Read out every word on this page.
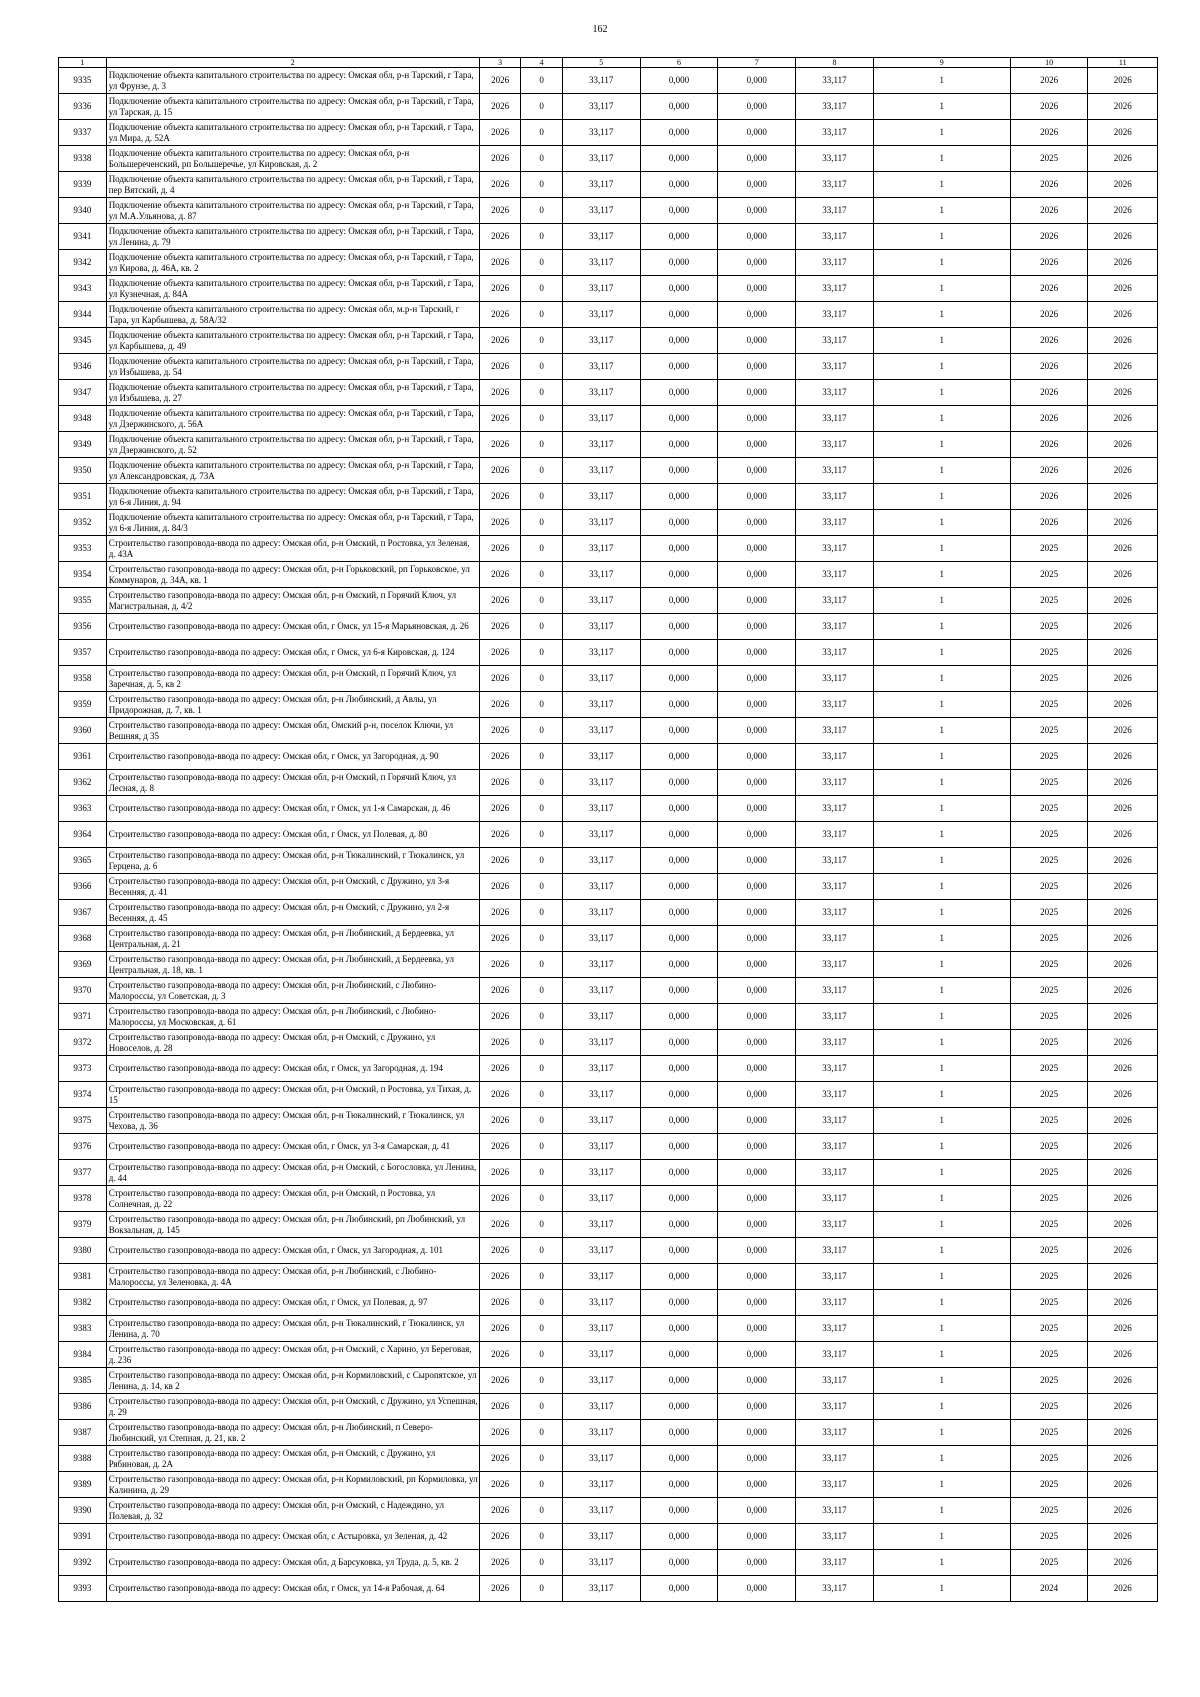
162
1	2	3	4	5	6	7	8	9	10	11
9335	Подключение объекта капитального строительства по адресу: Омская обл, р-н Тарский, г Тара, ул Фрунзе, д. 3	2026	0	33,117	0,000	0,000	33,117	1	2026	2026
9336	Подключение объекта капитального строительства по адресу: Омская обл, р-н Тарский, г Тара, ул Тарская, д. 15	2026	0	33,117	0,000	0,000	33,117	1	2026	2026
9337	Подключение объекта капитального строительства по адресу: Омская обл, р-н Тарский, г Тара, ул Мира, д. 52А	2026	0	33,117	0,000	0,000	33,117	1	2026	2026
9338	Подключение объекта капитального строительства по адресу: Омская обл, р-н Большереченский, рп Большеречье, ул Кировская, д. 2	2026	0	33,117	0,000	0,000	33,117	1	2025	2026
9339	Подключение объекта капитального строительства по адресу: Омская обл, р-н Тарский, г Тара, пер Вятский, д. 4	2026	0	33,117	0,000	0,000	33,117	1	2026	2026
9340	Подключение объекта капитального строительства по адресу: Омская обл, р-н Тарский, г Тара, ул М.А.Ульянова, д. 87	2026	0	33,117	0,000	0,000	33,117	1	2026	2026
9341	Подключение объекта капитального строительства по адресу: Омская обл, р-н Тарский, г Тара, ул Ленина, д. 79	2026	0	33,117	0,000	0,000	33,117	1	2026	2026
9342	Подключение объекта капитального строительства по адресу: Омская обл, р-н Тарский, г Тара, ул Кирова, д. 46А, кв. 2	2026	0	33,117	0,000	0,000	33,117	1	2026	2026
9343	Подключение объекта капитального строительства по адресу: Омская обл, р-н Тарский, г Тара, ул Кузнечная, д. 84А	2026	0	33,117	0,000	0,000	33,117	1	2026	2026
9344	Подключение объекта капитального строительства по адресу: Омская обл, м.р-н Тарский, г Тара, ул Карбышева, д. 58А/32	2026	0	33,117	0,000	0,000	33,117	1	2026	2026
9345	Подключение объекта капитального строительства по адресу: Омская обл, р-н Тарский, г Тара, ул Карбышева, д. 49	2026	0	33,117	0,000	0,000	33,117	1	2026	2026
9346	Подключение объекта капитального строительства по адресу: Омская обл, р-н Тарский, г Тара, ул Избышева, д. 54	2026	0	33,117	0,000	0,000	33,117	1	2026	2026
9347	Подключение объекта капитального строительства по адресу: Омская обл, р-н Тарский, г Тара, ул Избышева, д. 27	2026	0	33,117	0,000	0,000	33,117	1	2026	2026
9348	Подключение объекта капитального строительства по адресу: Омская обл, р-н Тарский, г Тара, ул Дзержинского, д. 56А	2026	0	33,117	0,000	0,000	33,117	1	2026	2026
9349	Подключение объекта капитального строительства по адресу: Омская обл, р-н Тарский, г Тара, ул Дзержинского, д. 52	2026	0	33,117	0,000	0,000	33,117	1	2026	2026
9350	Подключение объекта капитального строительства по адресу: Омская обл, р-н Тарский, г Тара, ул Александровская, д. 73А	2026	0	33,117	0,000	0,000	33,117	1	2026	2026
9351	Подключение объекта капитального строительства по адресу: Омская обл, р-н Тарский, г Тара, ул 6-я Линия, д. 94	2026	0	33,117	0,000	0,000	33,117	1	2026	2026
9352	Подключение объекта капитального строительства по адресу: Омская обл, р-н Тарский, г Тара, ул 6-я Линия, д. 84/3	2026	0	33,117	0,000	0,000	33,117	1	2026	2026
9353	Строительство газопровода-ввода по адресу: Омская обл, р-н Омский, п Ростовка, ул Зеленая, д. 43А	2026	0	33,117	0,000	0,000	33,117	1	2025	2026
9354	Строительство газопровода-ввода по адресу: Омская обл, р-н Горьковский, рп Горьковское, ул Коммунаров, д. 34А, кв. 1	2026	0	33,117	0,000	0,000	33,117	1	2025	2026
9355	Строительство газопровода-ввода по адресу: Омская обл, р-н Омский, п Горячий Ключ, ул Магистральная, д. 4/2	2026	0	33,117	0,000	0,000	33,117	1	2025	2026
9356	Строительство газопровода-ввода по адресу: Омская обл, г Омск, ул 15-я Марьяновская, д. 26	2026	0	33,117	0,000	0,000	33,117	1	2025	2026
9357	Строительство газопровода-ввода по адресу: Омская обл, г Омск, ул 6-я Кировская, д. 124	2026	0	33,117	0,000	0,000	33,117	1	2025	2026
9358	Строительство газопровода-ввода по адресу: Омская обл, р-н Омский, п Горячий Ключ, ул Заречная, д. 5, кв 2	2026	0	33,117	0,000	0,000	33,117	1	2025	2026
9359	Строительство газопровода-ввода по адресу: Омская обл, р-н Любинский, д Авлы, ул Придорожная, д. 7, кв. 1	2026	0	33,117	0,000	0,000	33,117	1	2025	2026
9360	Строительство газопровода-ввода по адресу: Омская обл, Омский р-н, поселок Ключи, ул Вешняя, д 35	2026	0	33,117	0,000	0,000	33,117	1	2025	2026
9361	Строительство газопровода-ввода по адресу: Омская обл, г Омск, ул Загородная, д. 90	2026	0	33,117	0,000	0,000	33,117	1	2025	2026
9362	Строительство газопровода-ввода по адресу: Омская обл, р-н Омский, п Горячий Ключ, ул Лесная, д. 8	2026	0	33,117	0,000	0,000	33,117	1	2025	2026
9363	Строительство газопровода-ввода по адресу: Омская обл, г Омск, ул 1-я Самарская, д. 46	2026	0	33,117	0,000	0,000	33,117	1	2025	2026
9364	Строительство газопровода-ввода по адресу: Омская обл, г Омск, ул Полевая, д. 80	2026	0	33,117	0,000	0,000	33,117	1	2025	2026
9365	Строительство газопровода-ввода по адресу: Омская обл, р-н Тюкалинский, г Тюкалинск, ул Герцена, д. 6	2026	0	33,117	0,000	0,000	33,117	1	2025	2026
9366	Строительство газопровода-ввода по адресу: Омская обл, р-н Омский, с Дружино, ул 3-я Весенняя, д. 41	2026	0	33,117	0,000	0,000	33,117	1	2025	2026
9367	Строительство газопровода-ввода по адресу: Омская обл, р-н Омский, с Дружино, ул 2-я Весенняя, д. 45	2026	0	33,117	0,000	0,000	33,117	1	2025	2026
9368	Строительство газопровода-ввода по адресу: Омская обл, р-н Любинский, д Бердеевка, ул Центральная, д. 21	2026	0	33,117	0,000	0,000	33,117	1	2025	2026
9369	Строительство газопровода-ввода по адресу: Омская обл, р-н Любинский, д Бердеевка, ул Центральная, д. 18, кв. 1	2026	0	33,117	0,000	0,000	33,117	1	2025	2026
9370	Строительство газопровода-ввода по адресу: Омская обл, р-н Любинский, с Любино-Малороссы, ул Советская, д. 3	2026	0	33,117	0,000	0,000	33,117	1	2025	2026
9371	Строительство газопровода-ввода по адресу: Омская обл, р-н Любинский, с Любино-Малороссы, ул Московская, д. 61	2026	0	33,117	0,000	0,000	33,117	1	2025	2026
9372	Строительство газопровода-ввода по адресу: Омская обл, р-н Омский, с Дружино, ул Новоселов, д. 28	2026	0	33,117	0,000	0,000	33,117	1	2025	2026
9373	Строительство газопровода-ввода по адресу: Омская обл, г Омск, ул Загородная, д. 194	2026	0	33,117	0,000	0,000	33,117	1	2025	2026
9374	Строительство газопровода-ввода по адресу: Омская обл, р-н Омский, п Ростовка, ул Тихая, д. 15	2026	0	33,117	0,000	0,000	33,117	1	2025	2026
9375	Строительство газопровода-ввода по адресу: Омская обл, р-н Тюкалинский, г Тюкалинск, ул Чехова, д. 36	2026	0	33,117	0,000	0,000	33,117	1	2025	2026
9376	Строительство газопровода-ввода по адресу: Омская обл, г Омск, ул 3-я Самарская, д. 41	2026	0	33,117	0,000	0,000	33,117	1	2025	2026
9377	Строительство газопровода-ввода по адресу: Омская обл, р-н Омский, с Богословка, ул Ленина, д. 44	2026	0	33,117	0,000	0,000	33,117	1	2025	2026
9378	Строительство газопровода-ввода по адресу: Омская обл, р-н Омский, п Ростовка, ул Солнечная, д. 22	2026	0	33,117	0,000	0,000	33,117	1	2025	2026
9379	Строительство газопровода-ввода по адресу: Омская обл, р-н Любинский, рп Любинский, ул Вокзальная, д. 145	2026	0	33,117	0,000	0,000	33,117	1	2025	2026
9380	Строительство газопровода-ввода по адресу: Омская обл, г Омск, ул Загородная, д. 101	2026	0	33,117	0,000	0,000	33,117	1	2025	2026
9381	Строительство газопровода-ввода по адресу: Омская обл, р-н Любинский, с Любино-Малороссы, ул Зеленовка, д. 4А	2026	0	33,117	0,000	0,000	33,117	1	2025	2026
9382	Строительство газопровода-ввода по адресу: Омская обл, г Омск, ул Полевая, д. 97	2026	0	33,117	0,000	0,000	33,117	1	2025	2026
9383	Строительство газопровода-ввода по адресу: Омская обл, р-н Тюкалинский, г Тюкалинск, ул Ленина, д. 70	2026	0	33,117	0,000	0,000	33,117	1	2025	2026
9384	Строительство газопровода-ввода по адресу: Омская обл, р-н Омский, с Харино, ул Береговая, д. 236	2026	0	33,117	0,000	0,000	33,117	1	2025	2026
9385	Строительство газопровода-ввода по адресу: Омская обл, р-н Кормиловский, с Сыропятское, ул Ленина, д. 14, кв 2	2026	0	33,117	0,000	0,000	33,117	1	2025	2026
9386	Строительство газопровода-ввода по адресу: Омская обл, р-н Омский, с Дружино, ул Успешная, д. 29	2026	0	33,117	0,000	0,000	33,117	1	2025	2026
9387	Строительство газопровода-ввода по адресу: Омская обл, р-н Любинский, п Северо-Любинский, ул Степная, д. 21, кв. 2	2026	0	33,117	0,000	0,000	33,117	1	2025	2026
9388	Строительство газопровода-ввода по адресу: Омская обл, р-н Омский, с Дружино, ул Рябиновая, д. 2А	2026	0	33,117	0,000	0,000	33,117	1	2025	2026
9389	Строительство газопровода-ввода по адресу: Омская обл, р-н Кормиловский, рп Кормиловка, ул Калинина, д. 29	2026	0	33,117	0,000	0,000	33,117	1	2025	2026
9390	Строительство газопровода-ввода по адресу: Омская обл, р-н Омский, с Надеждино, ул Полевая, д. 32	2026	0	33,117	0,000	0,000	33,117	1	2025	2026
9391	Строительство газопровода-ввода по адресу: Омская обл, с Астыровка, ул Зеленая, д. 42	2026	0	33,117	0,000	0,000	33,117	1	2025	2026
9392	Строительство газопровода-ввода по адресу: Омская обл, д Барсуковка, ул Труда, д. 5, кв. 2	2026	0	33,117	0,000	0,000	33,117	1	2025	2026
9393	Строительство газопровода-ввода по адресу: Омская обл, г Омск, ул 14-я Рабочая, д. 64	2026	0	33,117	0,000	0,000	33,117	1	2024	2026
